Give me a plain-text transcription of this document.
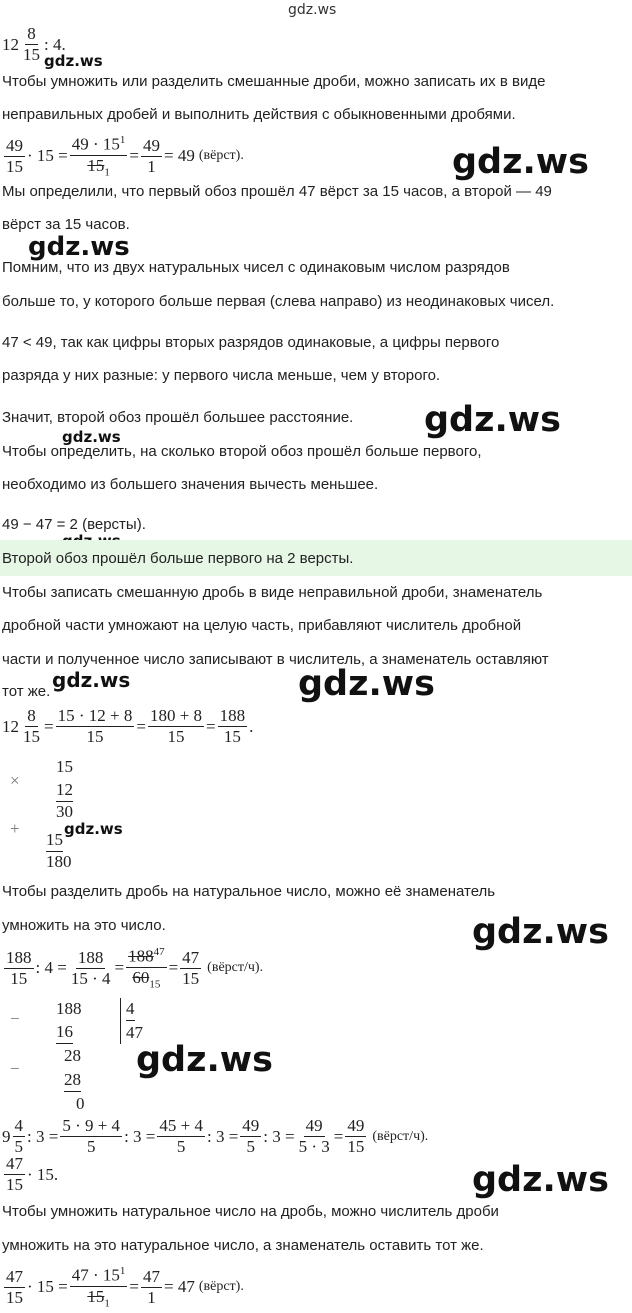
gdz.ws
$12 \frac{8}{15}$ : 4.
gdz.ws
Чтобы умножить или разделить смешанные дроби, можно записать их в виде
неправильных дробей и выполнить действия с обыкновенными дробями.
$\frac{49}{15} \cdot 15 = \frac{49 \cdot 15^1}{15_1} = \frac{49}{1} = 49$ (вёрст).	gdz.ws
Мы определили, что первый обоз прошёл 47 вёрст за 15 часов, а второй — 49
вёрст за 15 часов.
gdz.ws
Помним, что из двух натуральных чисел с одинаковым числом разрядов
больше то, у которого больше первая (слева направо) из неодинаковых чисел.
47 < 49, так как цифры вторых разрядов одинаковые, а цифры первого
разряда у них разные: у первого числа меньше, чем у второго.
Значит, второй обоз прошёл большее расстояние. gdz.ws
gdz.ws
Чтобы определить, на сколько второй обоз прошёл больше первого,
необходимо из большего значения вычесть меньшее.
49 − 47 = 2 (версты).
Второй обоз прошёл больше первого на 2 версты.
Чтобы записать смешанную дробь в виде неправильной дроби, знаменатель
дробной части умножают на целую часть, прибавляют числитель дробной
части и полученное число записывают в числитель, а знаменатель оставляют
тот же.	gdz.ws
gdz.ws
$12 \frac{8}{15} = \frac{15 \cdot 12 + 8}{15} = \frac{180 + 8}{15} = \frac{188}{15}$ .
×
15
12
30
+
15
180
gdz.ws
Чтобы разделить дробь на натуральное число, можно её знаменатель
умножить на это число.	gdz.ws
$\frac{188}{15}$ : $4 = \frac{188}{15 \cdot 4} = \frac{188^{47}}{60_{15}} = \frac{47}{15}$ (вёрст/ч).
−
188
16
28
−
28
0
4
47
gdz.ws
$9 \frac{4}{5}$ : $3 = \frac{5 \cdot 9 + 4}{5}$ : $3 = \frac{45 + 4}{5}$ : $3 = \frac{49}{5}$ : $3 = \frac{49}{5 \cdot 3} = \frac{49}{15}$ (вёрст/ч).
$\frac{47}{15} \cdot 15$.	gdz.ws
Чтобы умножить натуральное число на дробь, можно числитель дроби
умножить на это натуральное число, а знаменатель оставить тот же.
$\frac{47}{15} \cdot 15 = \frac{47 \cdot 15^1}{15_1} = \frac{47}{1} = 47$ (вёрст).
